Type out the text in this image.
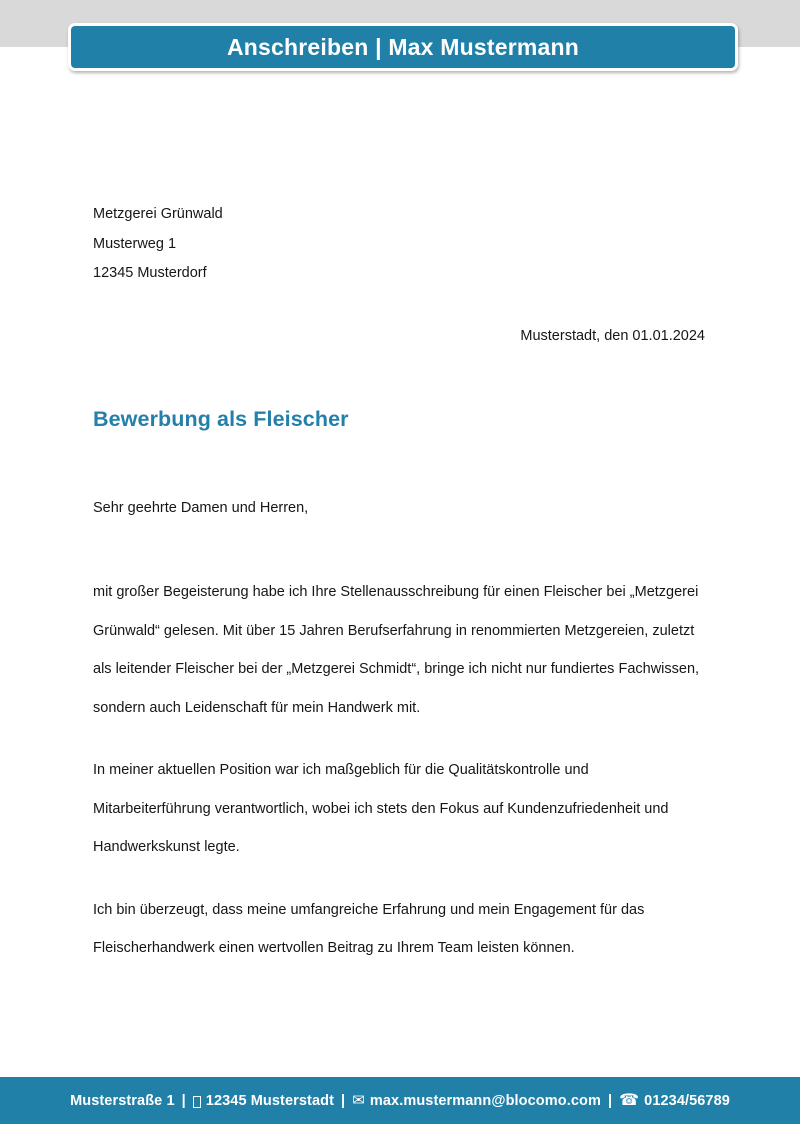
Anschreiben | Max Mustermann
Metzgerei Grünwald
Musterweg 1
12345 Musterdorf
Musterstadt, den 01.01.2024
Bewerbung als Fleischer
Sehr geehrte Damen und Herren,

mit großer Begeisterung habe ich Ihre Stellenausschreibung für einen Fleischer bei „Metzgerei Grünwald“ gelesen. Mit über 15 Jahren Berufserfahrung in renommierten Metzgereien, zuletzt als leitender Fleischer bei der „Metzgerei Schmidt“, bringe ich nicht nur fundiertes Fachwissen, sondern auch Leidenschaft für mein Handwerk mit.

In meiner aktuellen Position war ich maßgeblich für die Qualitätskontrolle und Mitarbeiterführung verantwortlich, wobei ich stets den Fokus auf Kundenzufriedenheit und Handwerkskunst legte.

Ich bin überzeugt, dass meine umfangreiche Erfahrung und mein Engagement für das Fleischerhandwerk einen wertvollen Beitrag zu Ihrem Team leisten können.

Musterstraße 1 |	12345 Musterstadt | ✉ max.mustermann@blocomo.com | ☎ 01234/56789
